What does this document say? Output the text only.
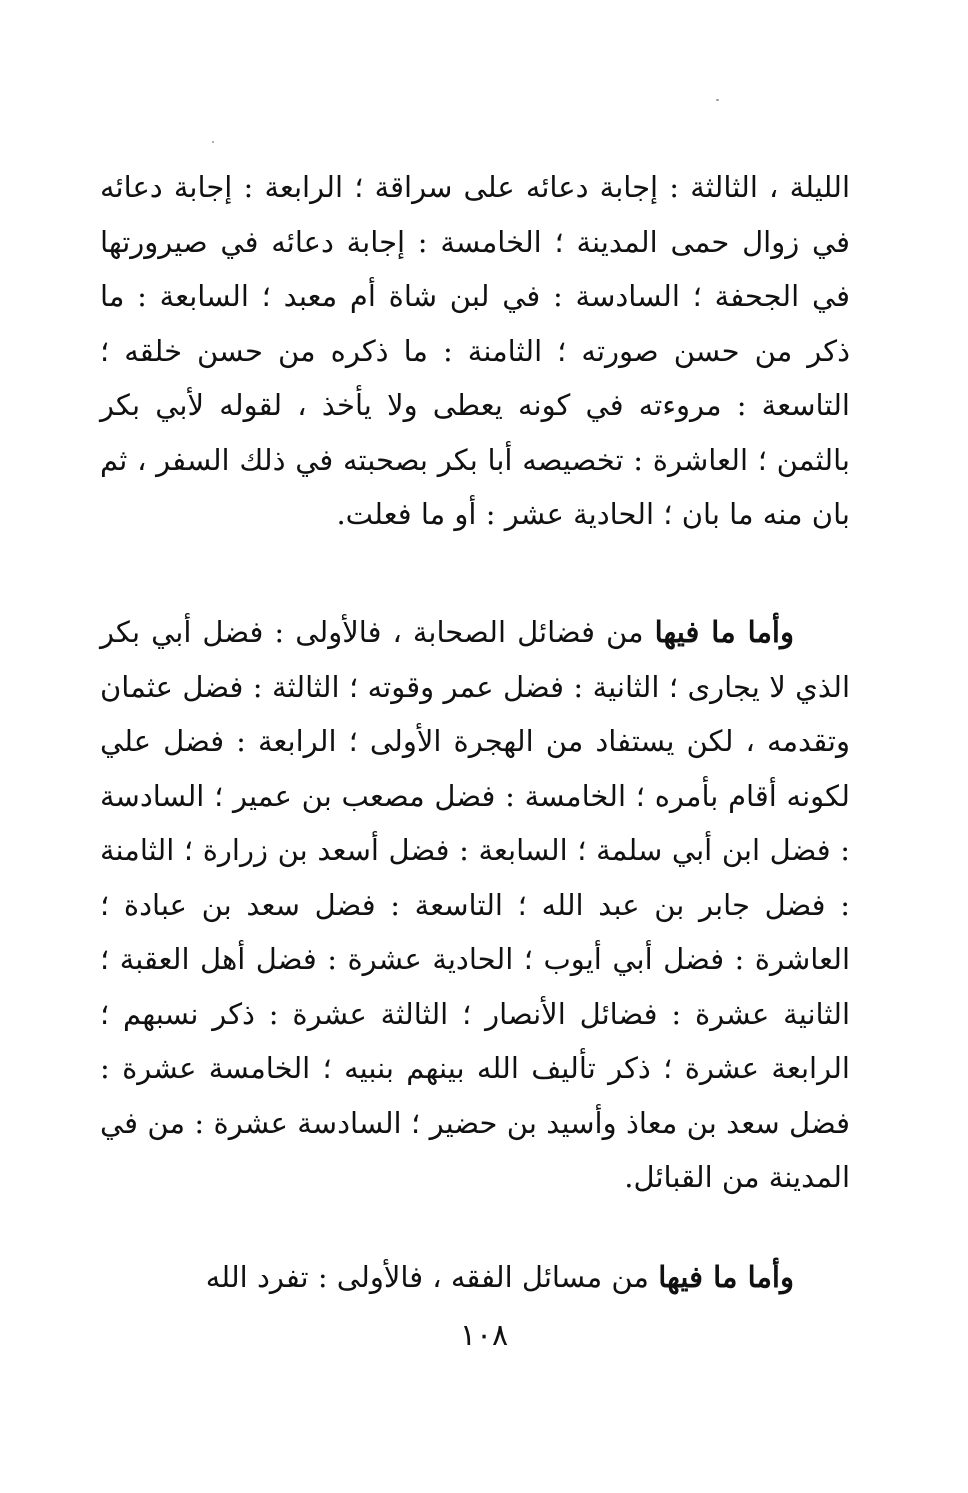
الليلة ، الثالثة : إجابة دعائه على سراقة ؛ الرابعة : إجابة دعائه في زوال حمى المدينة ؛ الخامسة : إجابة دعائه في صيرورتها في الجحفة ؛ السادسة : في لبن شاة أم معبد ؛ السابعة : ما ذكر من حسن صورته ؛ الثامنة : ما ذكره من حسن خلقه ؛ التاسعة : مروءته في كونه يعطى ولا يأخذ ، لقوله لأبي بكر بالثمن ؛ العاشرة : تخصيصه أبا بكر بصحبته في ذلك السفر ، ثم بان منه ما بان ؛ الحادية عشر : أو ما فعلت.

وأما ما فيها من فضائل الصحابة ، فالأولى : فضل أبي بكر الذي لا يجارى ؛ الثانية : فضل عمر وقوته ؛ الثالثة : فضل عثمان وتقدمه ، لكن يستفاد من الهجرة الأولى ؛ الرابعة : فضل علي لكونه أقام بأمره ؛ الخامسة : فضل مصعب بن عمير ؛ السادسة : فضل ابن أبي سلمة ؛ السابعة : فضل أسعد بن زرارة ؛ الثامنة : فضل جابر بن عبد الله ؛ التاسعة : فضل سعد بن عبادة ؛ العاشرة : فضل أبي أيوب ؛ الحادية عشرة : فضل أهل العقبة ؛ الثانية عشرة : فضائل الأنصار ؛ الثالثة عشرة : ذكر نسبهم ؛ الرابعة عشرة ؛ ذكر تأليف الله بينهم بنبيه ؛ الخامسة عشرة : فضل سعد بن معاذ وأسيد بن حضير ؛ السادسة عشرة : من في المدينة من القبائل.

وأما ما فيها من مسائل الفقه ، فالأولى : تفرد الله

١٠٨
